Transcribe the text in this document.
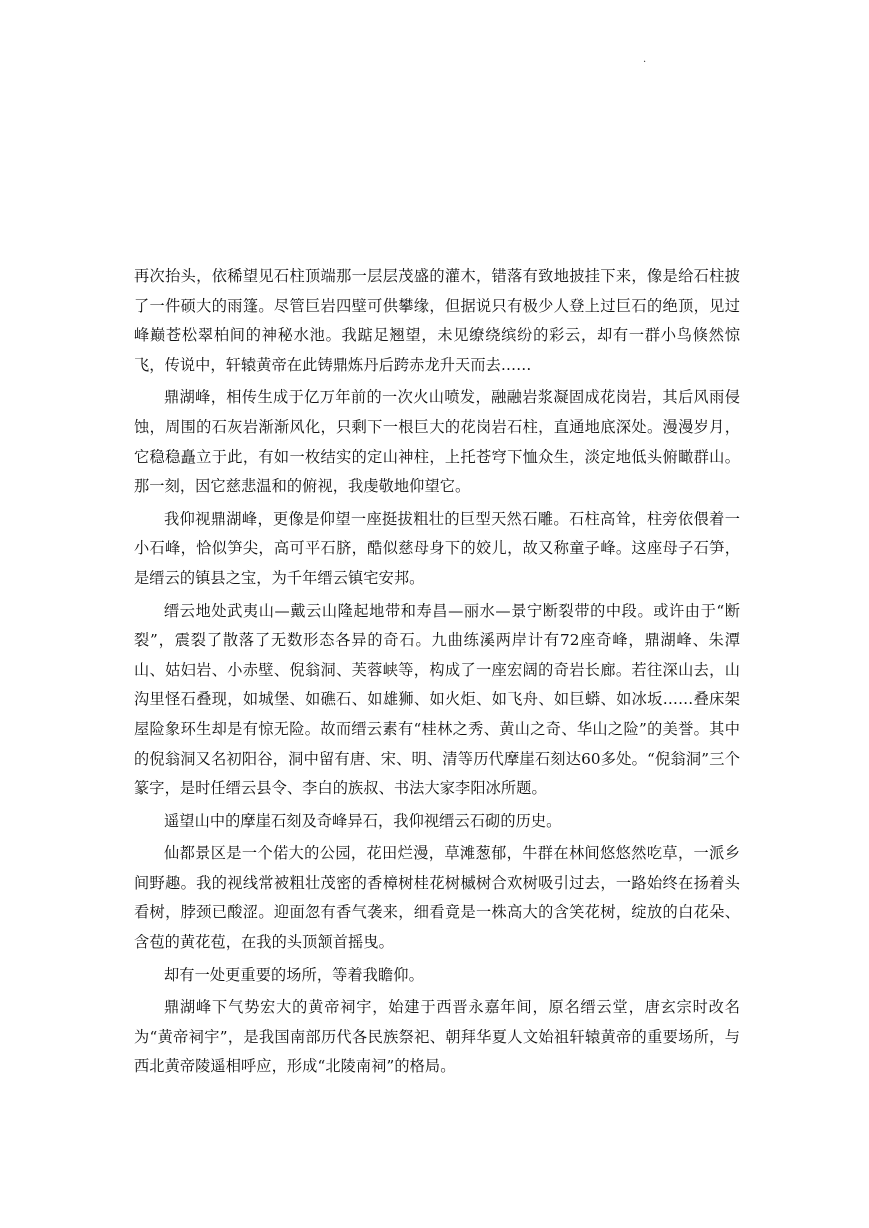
.

再次抬头，依稀望见石柱顶端那一层层茂盛的灌木，错落有致地披挂下来，像是给石柱披了一件硕大的雨篷。尽管巨岩四壁可供攀缘，但据说只有极少人登上过巨石的绝顶，见过峰巅苍松翠柏间的神秘水池。我踮足翘望，未见缭绕缤纷的彩云，却有一群小鸟倏然惊飞，传说中，轩辕黄帝在此铸鼎炼丹后跨赤龙升天而去……

鼎湖峰，相传生成于亿万年前的一次火山喷发，融融岩浆凝固成花岗岩，其后风雨侵蚀，周围的石灰岩渐渐风化，只剩下一根巨大的花岗岩石柱，直通地底深处。漫漫岁月，它稳稳矗立于此，有如一枚结实的定山神柱，上托苍穹下恤众生，淡定地低头俯瞰群山。那一刻，因它慈悲温和的俯视，我虔敬地仰望它。

我仰视鼎湖峰，更像是仰望一座挺拔粗壮的巨型天然石雕。石柱高耸，柱旁依偎着一小石峰，恰似笋尖，高可平石脐，酷似慈母身下的姣儿，故又称童子峰。这座母子石笋，是缙云的镇县之宝，为千年缙云镇宅安邦。

缙云地处武夷山—戴云山隆起地带和寿昌—丽水—景宁断裂带的中段。或许由于“断裂”，震裂了散落了无数形态各异的奇石。九曲练溪两岸计有72座奇峰，鼎湖峰、朱潭山、姑妇岩、小赤壁、倪翁洞、芙蓉峡等，构成了一座宏阔的奇岩长廊。若往深山去，山沟里怪石叠现，如城堡、如礁石、如雄狮、如火炬、如飞舟、如巨蟒、如冰坂……叠床架屋险象环生却是有惊无险。故而缙云素有“桂林之秀、黄山之奇、华山之险”的美誉。其中的倪翁洞又名初阳谷，洞中留有唐、宋、明、清等历代摩崖石刻达60多处。“倪翁洞”三个篆字，是时任缙云县令、李白的族叔、书法大家李阳冰所题。

遥望山中的摩崖石刻及奇峰异石，我仰视缙云石砌的历史。

仙都景区是一个偌大的公园，花田烂漫，草滩葱郁，牛群在林间悠悠然吃草，一派乡间野趣。我的视线常被粗壮茂密的香樟树桂花树槭树合欢树吸引过去，一路始终在扬着头看树，脖颈已酸涩。迎面忽有香气袭来，细看竟是一株高大的含笑花树，绽放的白花朵、含苞的黄花苞，在我的头顶颔首摇曳。

却有一处更重要的场所，等着我瞻仰。

鼎湖峰下气势宏大的黄帝祠宇，始建于西晋永嘉年间，原名缙云堂，唐玄宗时改名为“黄帝祠宇”，是我国南部历代各民族祭祀、朝拜华夏人文始祖轩辕黄帝的重要场所，与西北黄帝陵遥相呼应，形成“北陵南祠”的格局。
